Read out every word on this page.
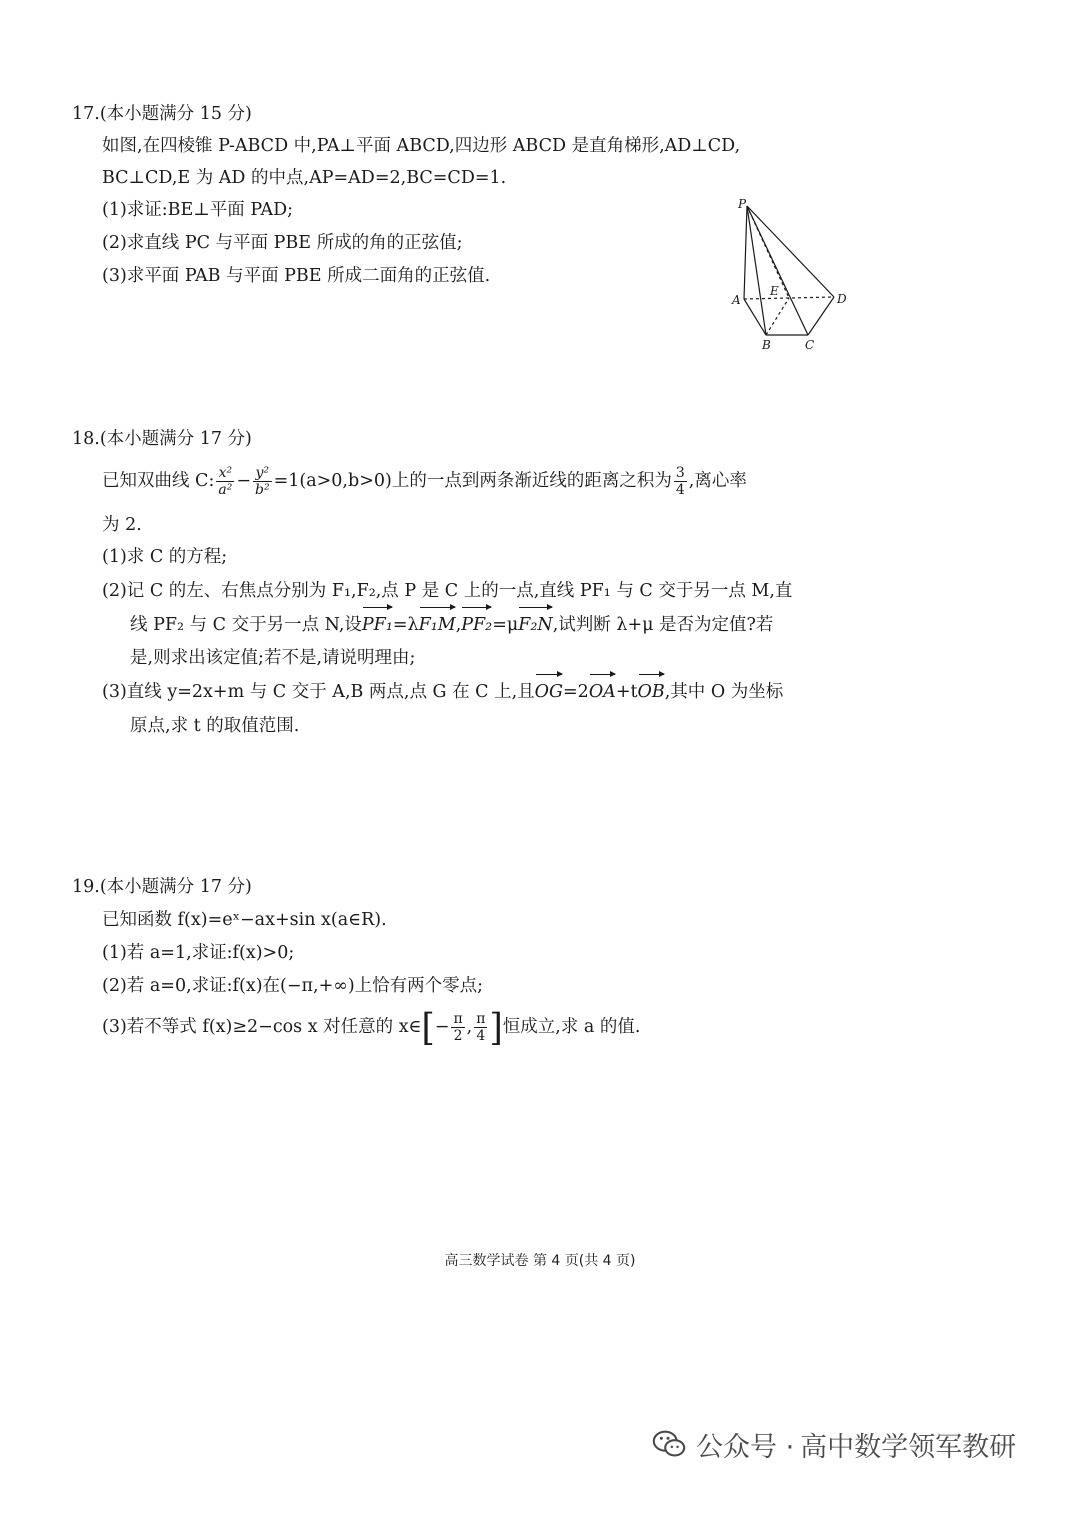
17.(本小题满分 15 分)
如图,在四棱锥 P-ABCD 中,PA⊥平面 ABCD,四边形 ABCD 是直角梯形,AD⊥CD,
BC⊥CD,E 为 AD 的中点,AP=AD=2,BC=CD=1.
(1)求证:BE⊥平面 PAD;
(2)求直线 PC 与平面 PBE 所成的角的正弦值;
(3)求平面 PAB 与平面 PBE 所成二面角的正弦值.
P
A
B	C
D
E
18.(本小题满分 17 分)
已知双曲线 C: $\frac{\text{x²}}{\text{a²}} - \frac{\text{y²}}{\text{b²}} =1(a>0,b>0)$上的一点到两条渐近线的距离之积为 $\frac{3}{4}$ ,离心率
为 2.
(1)求 C 的方程;
(2)记 C 的左、右焦点分别为 F₁,F₂,点 P 是 C 上的一点,直线 PF₁ 与 C 交于另一点 M,直
线 PF₂ 与 C 交于另一点 N,设PF₁=λF₁M,PF₂=μF₂N,试判断 λ+μ 是否为定值?若
是,则求出该定值;若不是,请说明理由;
(3)直线 y=2x+m 与 C 交于 A,B 两点,点 G 在 C 上,且OG=2OA+tOB,其中 O 为坐标
原点,求 t 的取值范围.
19.(本小题满分 17 分)
已知函数 f(x)=eˣ−ax+sin x(a∈R).
(1)若 a=1,求证:f(x)>0;
(2)若 a=0,求证:f(x)在(−π,+∞)上恰有两个零点;
(3)若不等式 f(x)≥2−cos x 对任意的 x∈[− $\frac{\pi}{2}$ , $\frac{\pi}{4}$ ]恒成立,求 a 的值.
高三数学试卷 第 4 页(共 4 页)
公众号 · 高中数学领军教研
